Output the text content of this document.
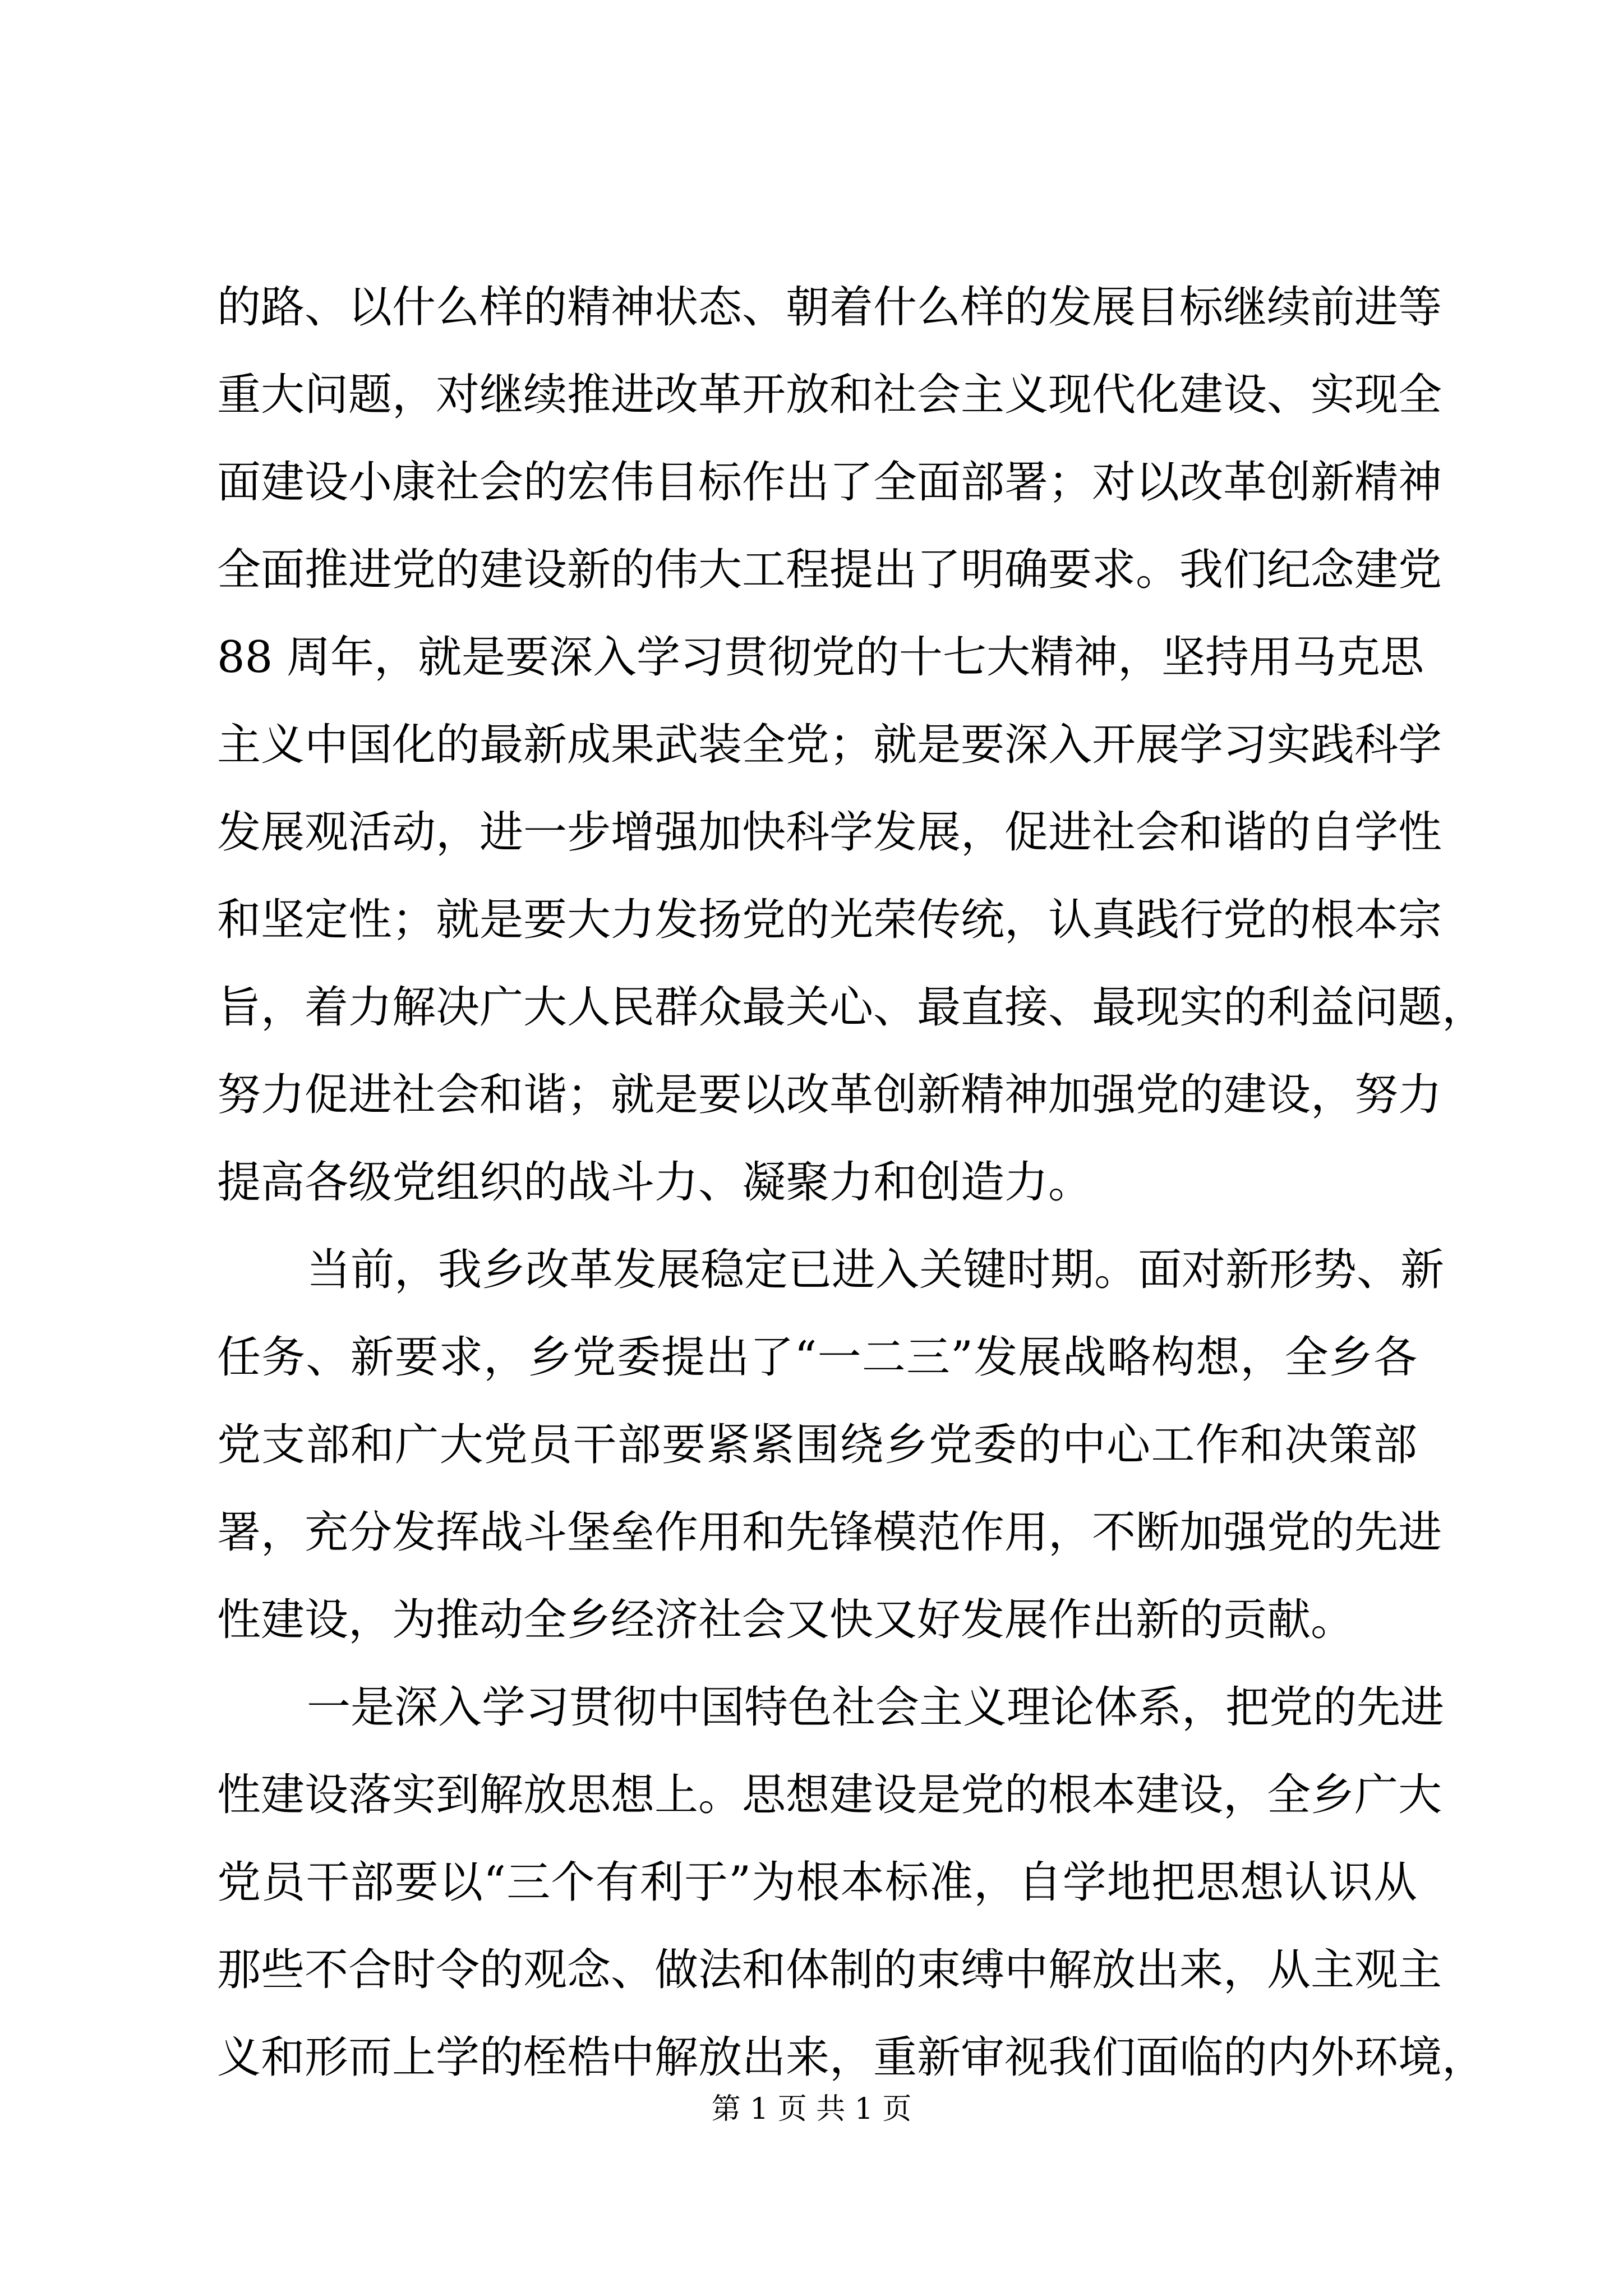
的路、以什么样的精神状态、朝着什么样的发展目标继续前进等
重大问题，对继续推进改革开放和社会主义现代化建设、实现全
面建设小康社会的宏伟目标作出了全面部署；对以改革创新精神
全面推进党的建设新的伟大工程提出了明确要求。我们纪念建党
88 周年，就是要深入学习贯彻党的十七大精神，坚持用马克思
主义中国化的最新成果武装全党；就是要深入开展学习实践科学
发展观活动，进一步增强加快科学发展，促进社会和谐的自学性
和坚定性；就是要大力发扬党的光荣传统，认真践行党的根本宗
旨，着力解决广大人民群众最关心、最直接、最现实的利益问题，
努力促进社会和谐；就是要以改革创新精神加强党的建设，努力
提高各级党组织的战斗力、凝聚力和创造力。
当前，我乡改革发展稳定已进入关键时期。面对新形势、新
任务、新要求，乡党委提出了“一二三”发展战略构想，全乡各
党支部和广大党员干部要紧紧围绕乡党委的中心工作和决策部
署，充分发挥战斗堡垒作用和先锋模范作用，不断加强党的先进
性建设，为推动全乡经济社会又快又好发展作出新的贡献。
一是深入学习贯彻中国特色社会主义理论体系，把党的先进
性建设落实到解放思想上。思想建设是党的根本建设，全乡广大
党员干部要以“三个有利于”为根本标准，自学地把思想认识从
那些不合时令的观念、做法和体制的束缚中解放出来，从主观主
义和形而上学的桎梏中解放出来，重新审视我们面临的内外环境，
第 1 页 共 1 页
